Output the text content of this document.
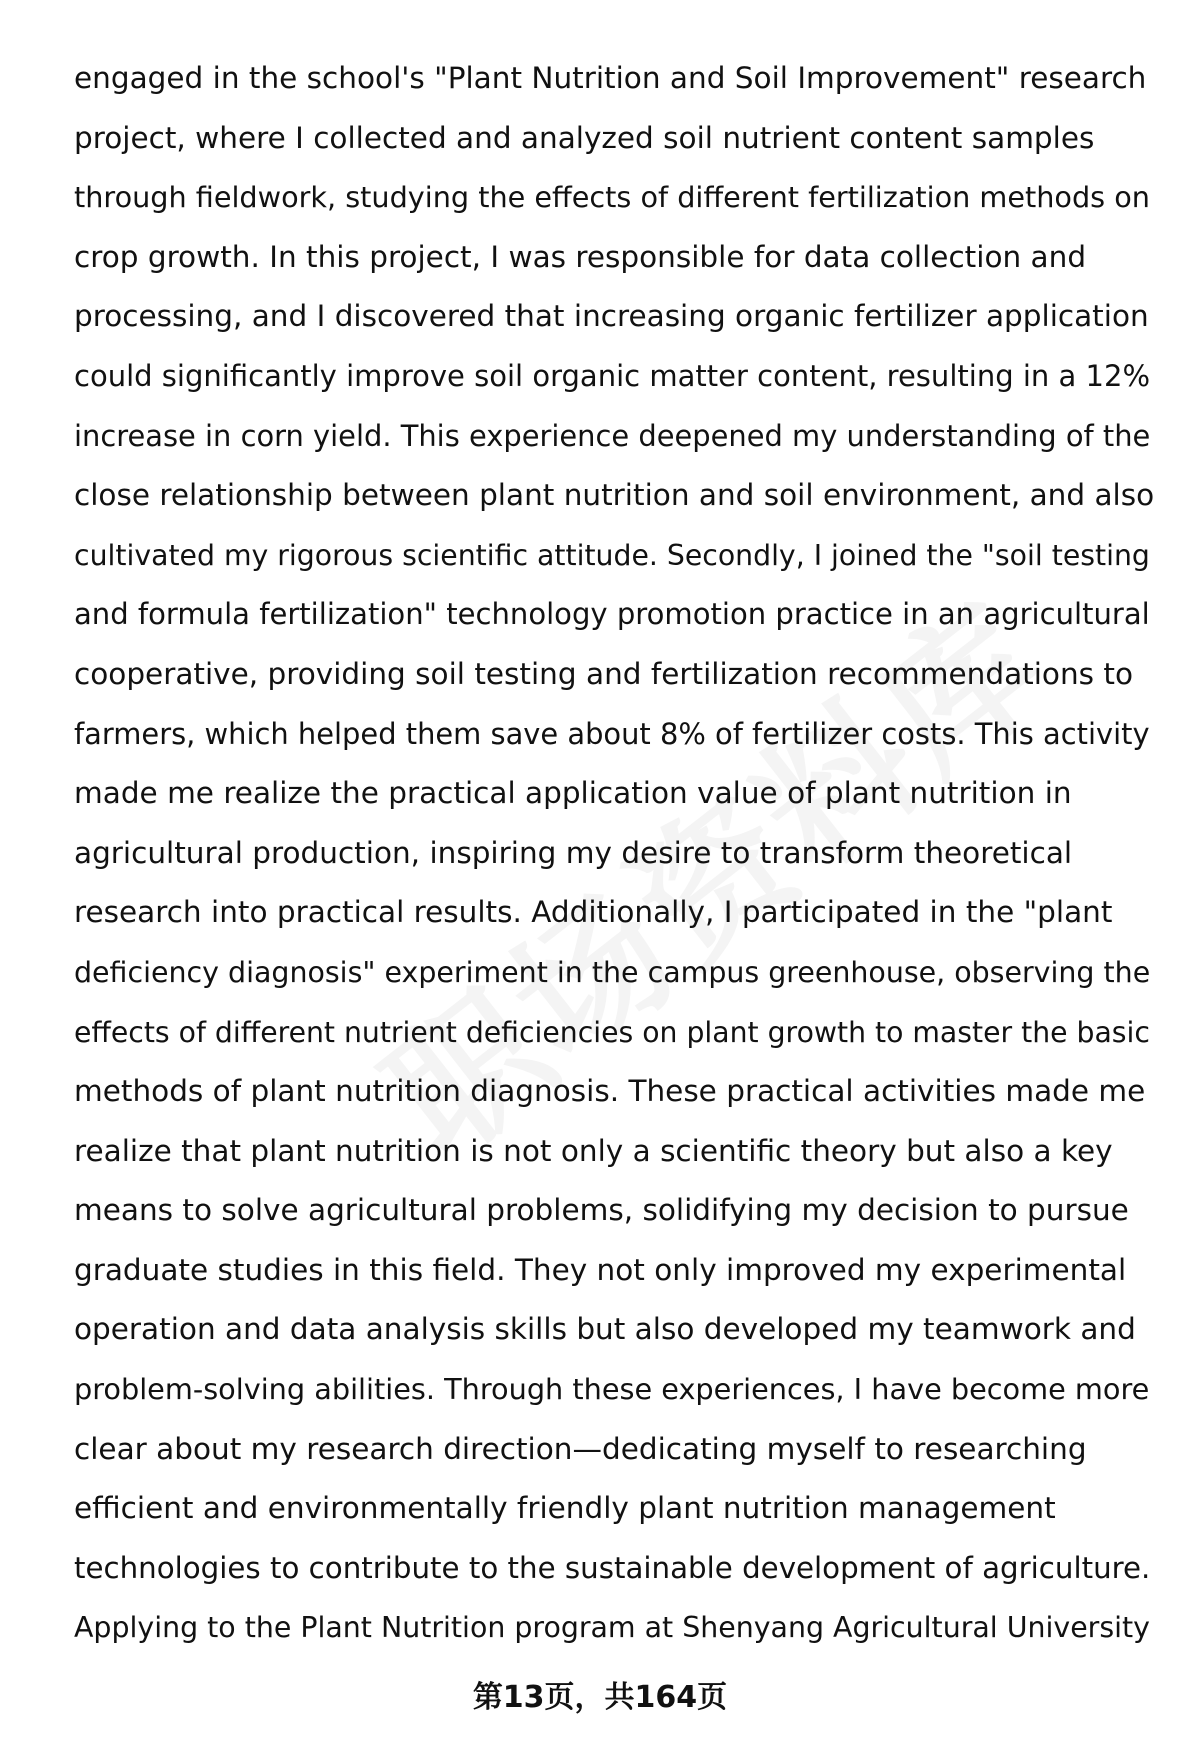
engaged in the school's "Plant Nutrition and Soil Improvement" research
project, where I collected and analyzed soil nutrient content samples
through fieldwork, studying the effects of different fertilization methods on
crop growth. In this project, I was responsible for data collection and
processing, and I discovered that increasing organic fertilizer application
could significantly improve soil organic matter content, resulting in a 12%
increase in corn yield. This experience deepened my understanding of the
close relationship between plant nutrition and soil environment, and also
cultivated my rigorous scientific attitude. Secondly, I joined the "soil testing
and formula fertilization" technology promotion practice in an agricultural
cooperative, providing soil testing and fertilization recommendations to
farmers, which helped them save about 8% of fertilizer costs. This activity
made me realize the practical application value of plant nutrition in
agricultural production, inspiring my desire to transform theoretical
research into practical results. Additionally, I participated in the "plant
deficiency diagnosis" experiment in the campus greenhouse, observing the
effects of different nutrient deficiencies on plant growth to master the basic
methods of plant nutrition diagnosis. These practical activities made me
realize that plant nutrition is not only a scientific theory but also a key
means to solve agricultural problems, solidifying my decision to pursue
graduate studies in this field. They not only improved my experimental
operation and data analysis skills but also developed my teamwork and
problem-solving abilities. Through these experiences, I have become more
clear about my research direction—dedicating myself to researching
efficient and environmentally friendly plant nutrition management
technologies to contribute to the sustainable development of agriculture.
Applying to the Plant Nutrition program at Shenyang Agricultural University
第13页，共164页
